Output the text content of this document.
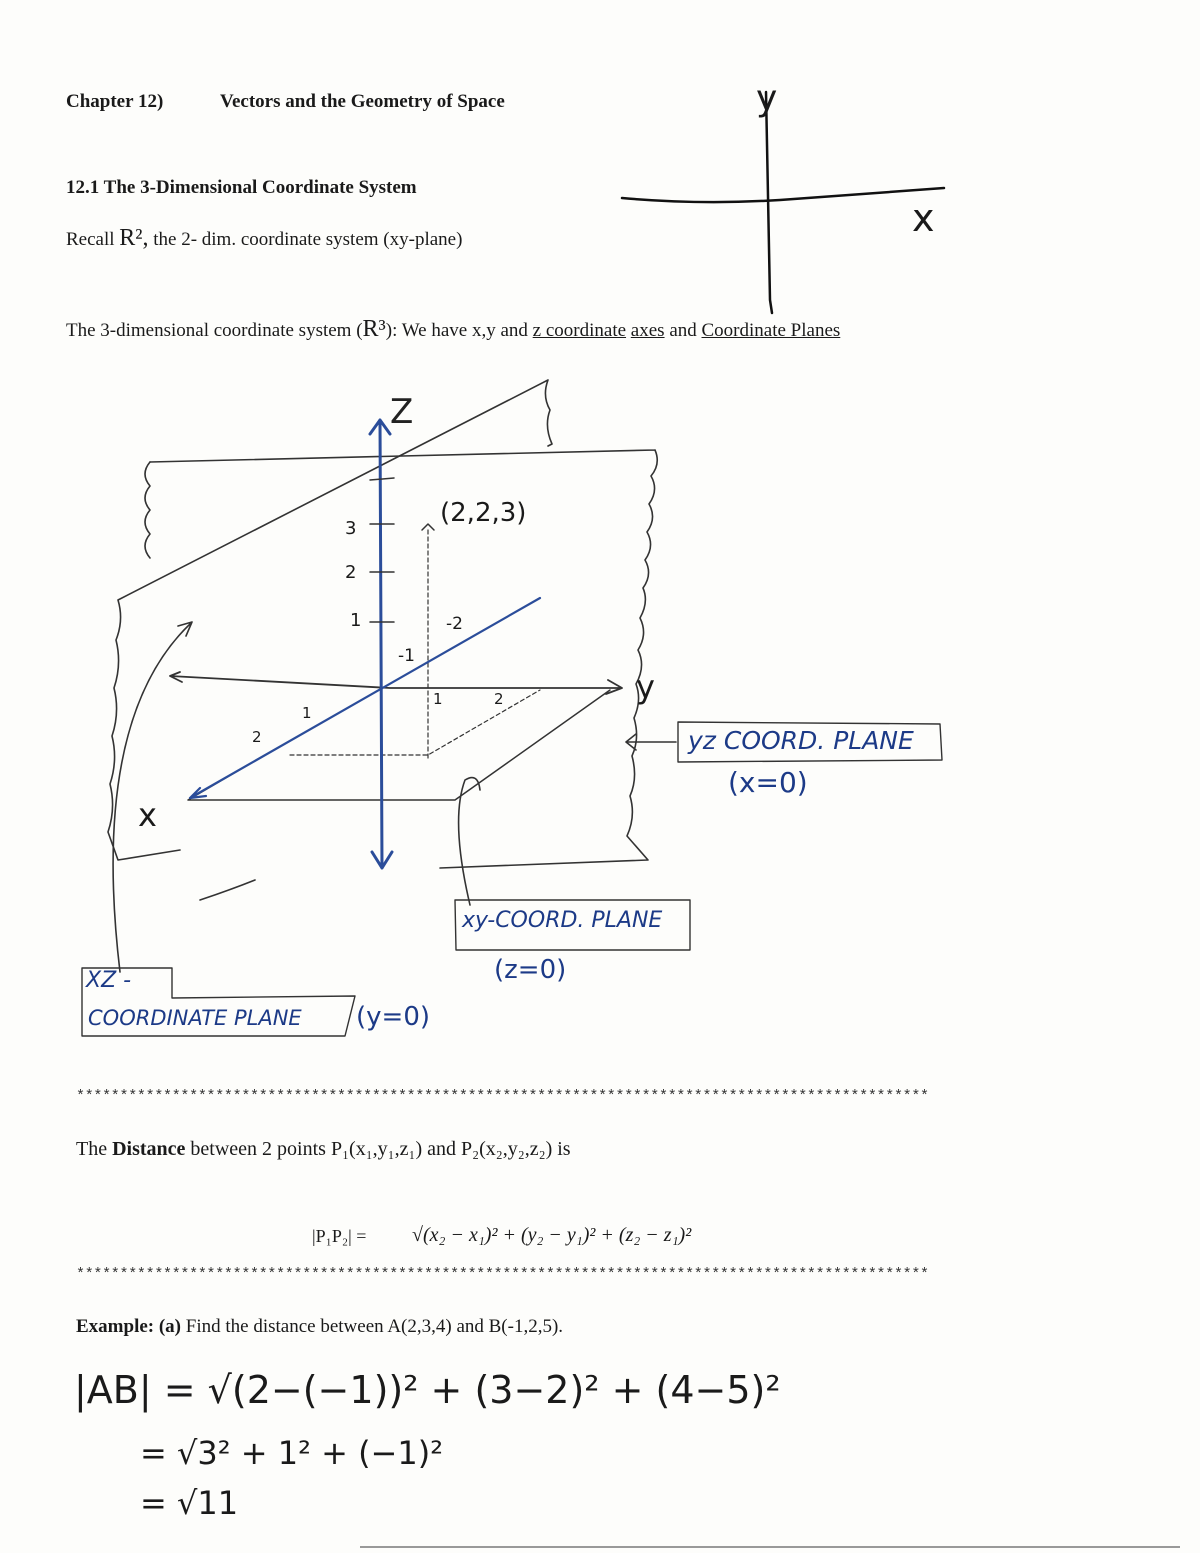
Chapter 12)	Vectors and the Geometry of Space
12.1 The 3-Dimensional Coordinate System
Recall R², the 2- dim. coordinate system (xy-plane)
The 3-dimensional coordinate system (R³): We have x,y and z coordinate axes and Coordinate Planes
y
x
Z
y
x
(2,2,3)
3
2
1
-1
-2
1	2
1
2	yz COORD. PLANE
(x=0)
xy-COORD. PLANE
(z=0)
XZ -
COORDINATE PLANE (y=0)
**************************************************************************************************
The Distance between 2 points P₁(x₁,y₁,z₁) and P₂(x₂,y₂,z₂) is
|P₁P₂| = √(x₂ − x₁)² + (y₂ − y₁)² + (z₂ − z₁)²
**************************************************************************************************
Example: (a) Find the distance between A(2,3,4) and B(-1,2,5).
|AB| = √(2−(−1))² + (3−2)² + (4−5)²
= √3² + 1² + (−1)²
= √11
